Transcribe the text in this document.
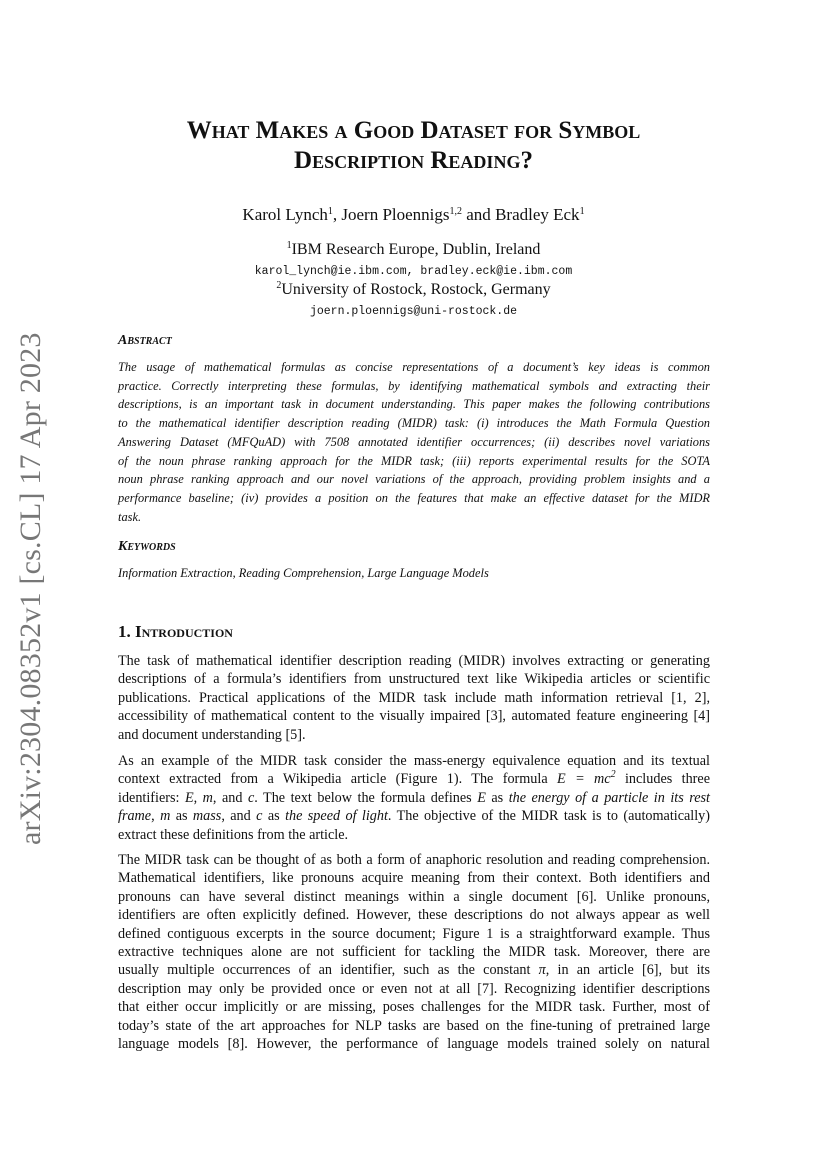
arXiv:2304.08352v1 [cs.CL] 17 Apr 2023
What Makes a Good Dataset for Symbol
Description Reading?
Karol Lynch$^1$, Joern Ploennigs$^{1,2}$ and Bradley Eck$^1$
$^1$IBM Research Europe, Dublin, Ireland
karol_lynch@ie.ibm.com, bradley.eck@ie.ibm.com
$^2$University of Rostock, Rostock, Germany
joern.ploennigs@uni-rostock.de
Abstract
The usage of mathematical formulas as concise representations of a document’s key ideas is common
practice. Correctly interpreting these formulas, by identifying mathematical symbols and extracting their
descriptions, is an important task in document understanding. This paper makes the following contributions
to the mathematical identifier description reading (MIDR) task: (i) introduces the Math Formula Question
Answering Dataset (MFQuAD) with 7508 annotated identifier occurrences; (ii) describes novel variations
of the noun phrase ranking approach for the MIDR task; (iii) reports experimental results for the SOTA
noun phrase ranking approach and our novel variations of the approach, providing problem insights and a
performance baseline; (iv) provides a position on the features that make an effective dataset for the MIDR
task.
Keywords
Information Extraction, Reading Comprehension, Large Language Models
1. Introduction
The task of mathematical identifier description reading (MIDR) involves extracting or generating
descriptions of a formula’s identifiers from unstructured text like Wikipedia articles or scientific
publications. Practical applications of the MIDR task include math information retrieval [1, 2],
accessibility of mathematical content to the visually impaired [3], automated feature engineering [4]
and document understanding [5].
As an example of the MIDR task consider the mass-energy equivalence equation and its textual
context extracted from a Wikipedia article (Figure 1). The formula $E = mc^2$ includes three
identifiers: E, m, and c. The text below the formula defines E as the energy of a particle in its rest
frame, m as mass, and c as the speed of light. The objective of the MIDR task is to (automatically)
extract these definitions from the article.
The MIDR task can be thought of as both a form of anaphoric resolution and reading comprehension.
Mathematical identifiers, like pronouns acquire meaning from their context. Both identifiers and
pronouns can have several distinct meanings within a single document [6]. Unlike pronouns,
identifiers are often explicitly defined. However, these descriptions do not always appear as well
defined contiguous excerpts in the source document; Figure 1 is a straightforward example. Thus
extractive techniques alone are not sufficient for tackling the MIDR task. Moreover, there are
usually multiple occurrences of an identifier, such as the constant π, in an article [6], but its
description may only be provided once or even not at all [7]. Recognizing identifier descriptions
that either occur implicitly or are missing, poses challenges for the MIDR task. Further, most of
today’s state of the art approaches for NLP tasks are based on the fine-tuning of pretrained large
language models [8]. However, the performance of language models trained solely on natural
